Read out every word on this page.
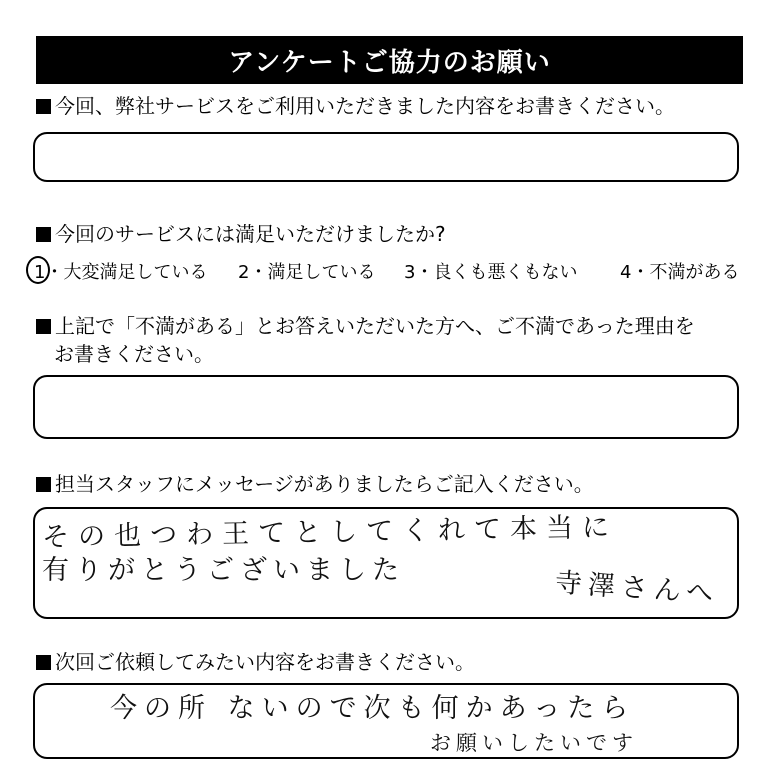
アンケートご協力のお願い
今回、弊社サービスをご利用いただきました内容をお書きください。
今回のサービスには満足いただけましたか?
1・大変満足している 2・満足している 3・良くも悪くもない 4・不満がある
上記で「不満がある」とお答えいただいた方へ、ご不満であった理由を
お書きください。
担当スタッフにメッセージがありましたらご記入ください。
その也つわ王てとしてくれて本当に
有りがとうございました	寺澤さんへ
次回ご依頼してみたい内容をお書きください。
今の所 ないので次も何かあったら
お願いしたいです
